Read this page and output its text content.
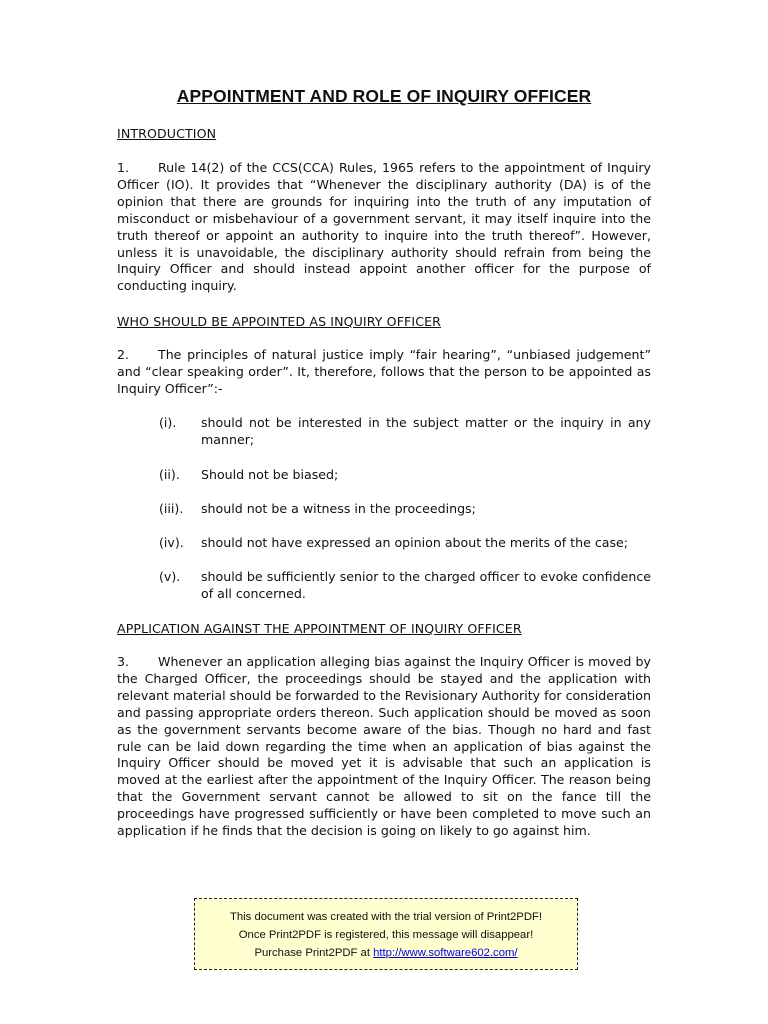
APPOINTMENT AND ROLE OF INQUIRY OFFICER
INTRODUCTION

1. Rule 14(2) of the CCS(CCA) Rules, 1965 refers to the appointment of Inquiry Officer (IO). It provides that “Whenever the disciplinary authority (DA) is of the opinion that there are grounds for inquiring into the truth of any imputation of misconduct or misbehaviour of a government servant, it may itself inquire into the truth thereof or appoint an authority to inquire into the truth thereof”. However, unless it is unavoidable, the disciplinary authority should refrain from being the Inquiry Officer and should instead appoint another officer for the purpose of conducting inquiry.

WHO SHOULD BE APPOINTED AS INQUIRY OFFICER

2. The principles of natural justice imply “fair hearing”, “unbiased judgement” and “clear speaking order”. It, therefore, follows that the person to be appointed as Inquiry Officer”:-

(i).	should not be interested in the subject matter or the inquiry in any manner;
(ii).	Should not be biased;
(iii).	should not be a witness in the proceedings;
(iv).	should not have expressed an opinion about the merits of the case;
(v).	should be sufficiently senior to the charged officer to evoke confidence of all concerned.
APPLICATION AGAINST THE APPOINTMENT OF INQUIRY OFFICER

3. Whenever an application alleging bias against the Inquiry Officer is moved by the Charged Officer, the proceedings should be stayed and the application with relevant material should be forwarded to the Revisionary Authority for consideration and passing appropriate orders thereon. Such application should be moved as soon as the government servants become aware of the bias. Though no hard and fast rule can be laid down regarding the time when an application of bias against the Inquiry Officer should be moved yet it is advisable that such an application is moved at the earliest after the appointment of the Inquiry Officer. The reason being that the Government servant cannot be allowed to sit on the fance till the proceedings have progressed sufficiently or have been completed to move such an application if he finds that the decision is going on likely to go against him.

This document was created with the trial version of Print2PDF!
Once Print2PDF is registered, this message will disappear!
Purchase Print2PDF at http://www.software602.com/
